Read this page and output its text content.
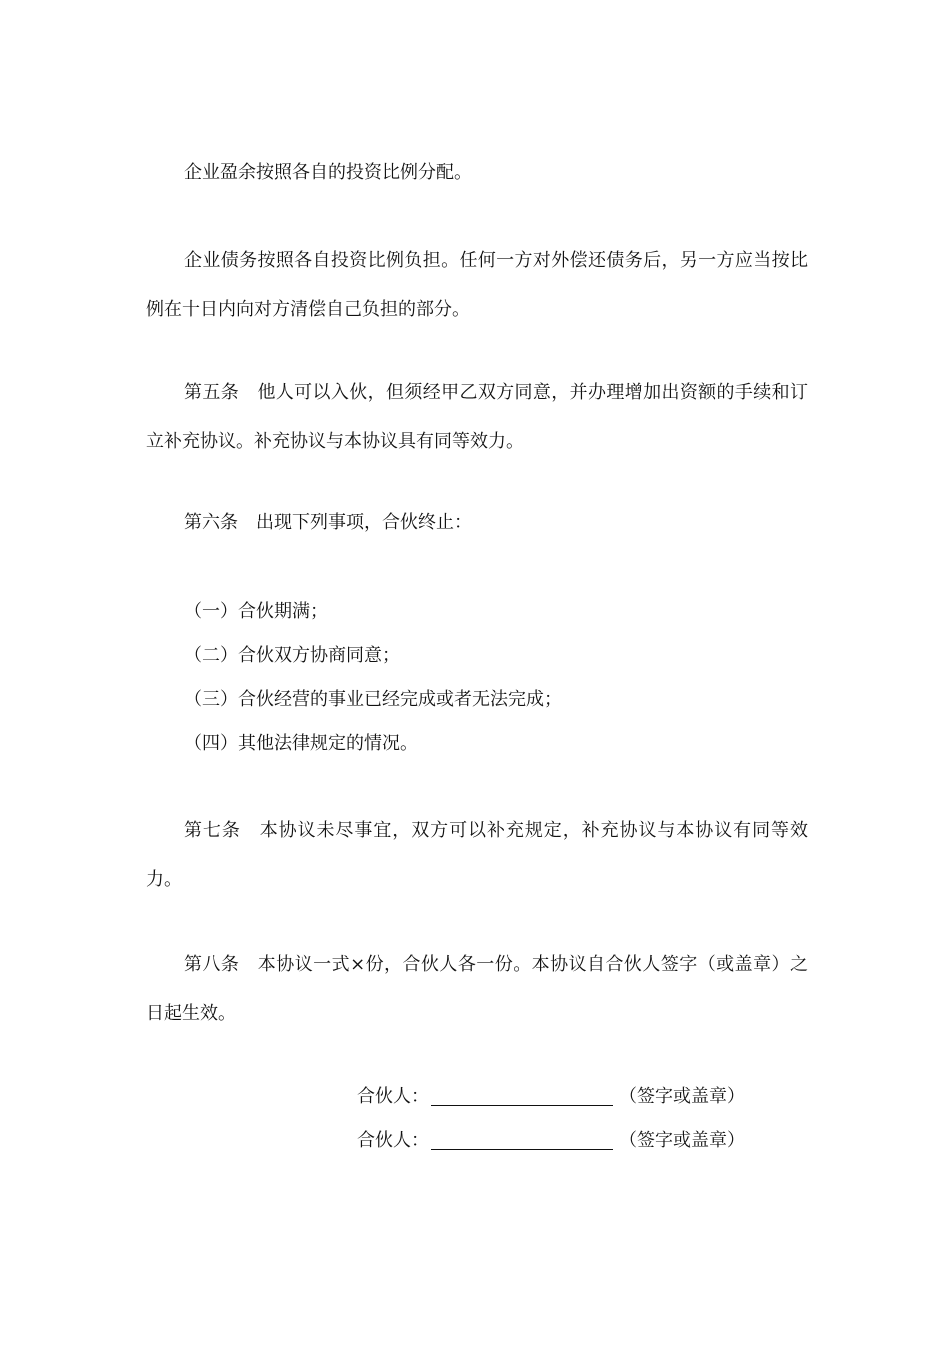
企业盈余按照各自的投资比例分配。

企业债务按照各自投资比例负担。任何一方对外偿还债务后，另一方应当按比例在十日内向对方清偿自己负担的部分。

第五条　他人可以入伙，但须经甲乙双方同意，并办理增加出资额的手续和订立补充协议。补充协议与本协议具有同等效力。

第六条　出现下列事项，合伙终止：

（一）合伙期满；

（二）合伙双方协商同意；

（三）合伙经营的事业已经完成或者无法完成；

（四）其他法律规定的情况。

第七条　本协议未尽事宜，双方可以补充规定，补充协议与本协议有同等效力。

第八条　本协议一式×份，合伙人各一份。本协议自合伙人签字（或盖章）之日起生效。

合伙人：	（签字或盖章）
合伙人：	（签字或盖章）
